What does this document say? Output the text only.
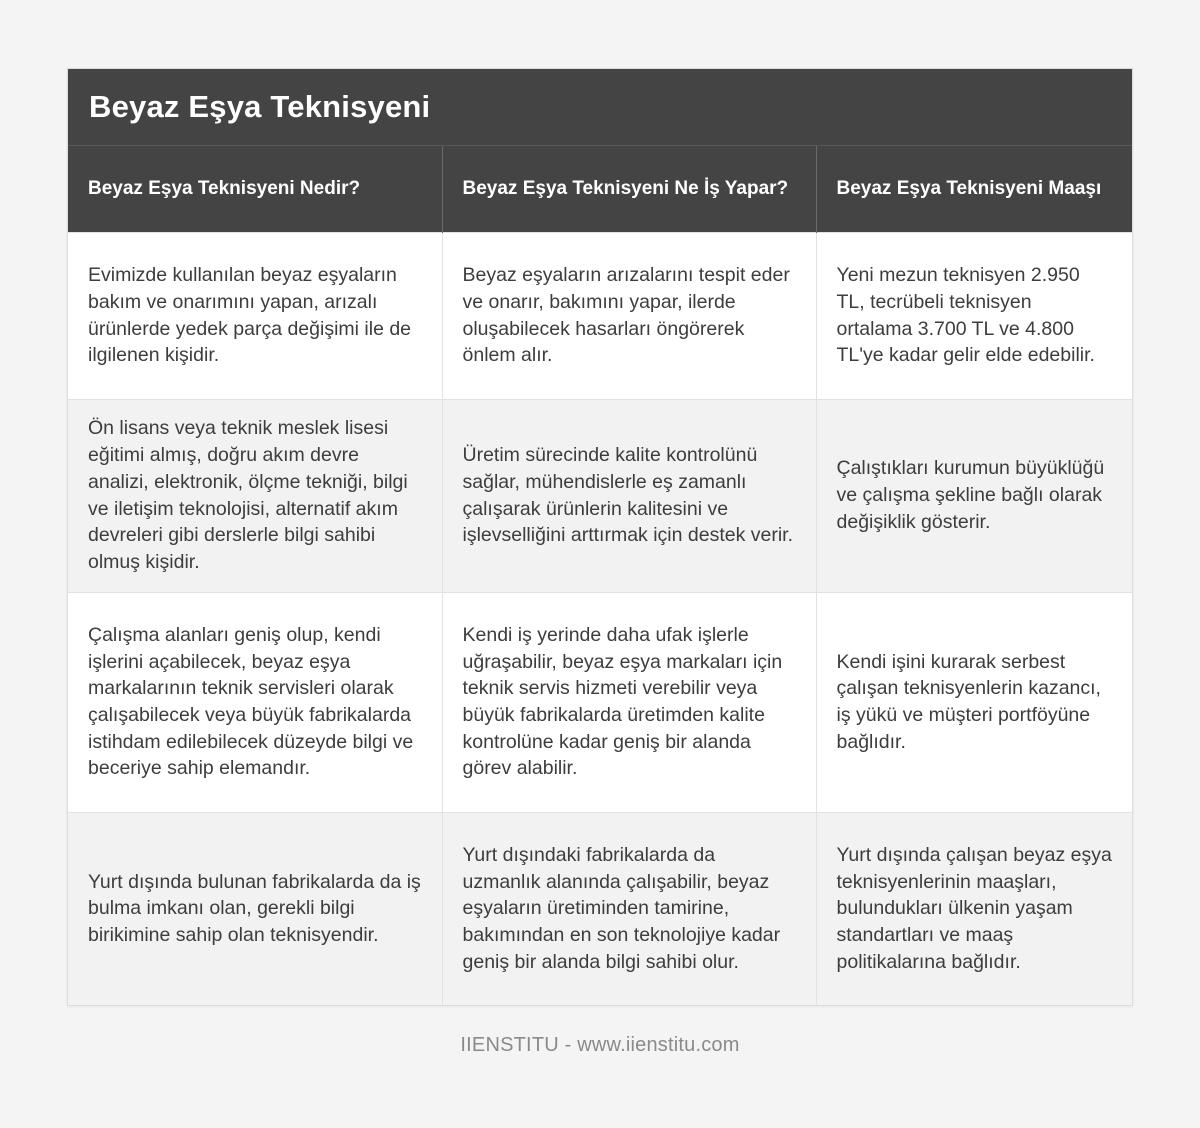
Beyaz Eşya Teknisyeni
Beyaz Eşya Teknisyeni Nedir?	Beyaz Eşya Teknisyeni Ne İş Yapar?	Beyaz Eşya Teknisyeni Maaşı
Evimizde kullanılan beyaz eşyaların bakım ve onarımını yapan, arızalı ürünlerde yedek parça değişimi ile de ilgilenen kişidir.	Beyaz eşyaların arızalarını tespit eder ve onarır, bakımını yapar, ilerde oluşabilecek hasarları öngörerek önlem alır.	Yeni mezun teknisyen 2.950 TL, tecrübeli teknisyen ortalama 3.700 TL ve 4.800 TL'ye kadar gelir elde edebilir.
Ön lisans veya teknik meslek lisesi eğitimi almış, doğru akım devre analizi, elektronik, ölçme tekniği, bilgi ve iletişim teknolojisi, alternatif akım devreleri gibi derslerle bilgi sahibi olmuş kişidir.	Üretim sürecinde kalite kontrolünü sağlar, mühendislerle eş zamanlı çalışarak ürünlerin kalitesini ve işlevselliğini arttırmak için destek verir.	Çalıştıkları kurumun büyüklüğü ve çalışma şekline bağlı olarak değişiklik gösterir.
Çalışma alanları geniş olup, kendi işlerini açabilecek, beyaz eşya markalarının teknik servisleri olarak çalışabilecek veya büyük fabrikalarda istihdam edilebilecek düzeyde bilgi ve beceriye sahip elemandır.	Kendi iş yerinde daha ufak işlerle uğraşabilir, beyaz eşya markaları için teknik servis hizmeti verebilir veya büyük fabrikalarda üretimden kalite kontrolüne kadar geniş bir alanda görev alabilir.	Kendi işini kurarak serbest çalışan teknisyenlerin kazancı, iş yükü ve müşteri portföyüne bağlıdır.
Yurt dışında bulunan fabrikalarda da iş bulma imkanı olan, gerekli bilgi birikimine sahip olan teknisyendir.	Yurt dışındaki fabrikalarda da uzmanlık alanında çalışabilir, beyaz eşyaların üretiminden tamirine, bakımından en son teknolojiye kadar geniş bir alanda bilgi sahibi olur.	Yurt dışında çalışan beyaz eşya teknisyenlerinin maaşları, bulundukları ülkenin yaşam standartları ve maaş politikalarına bağlıdır.
IIENSTITU - www.iienstitu.com
